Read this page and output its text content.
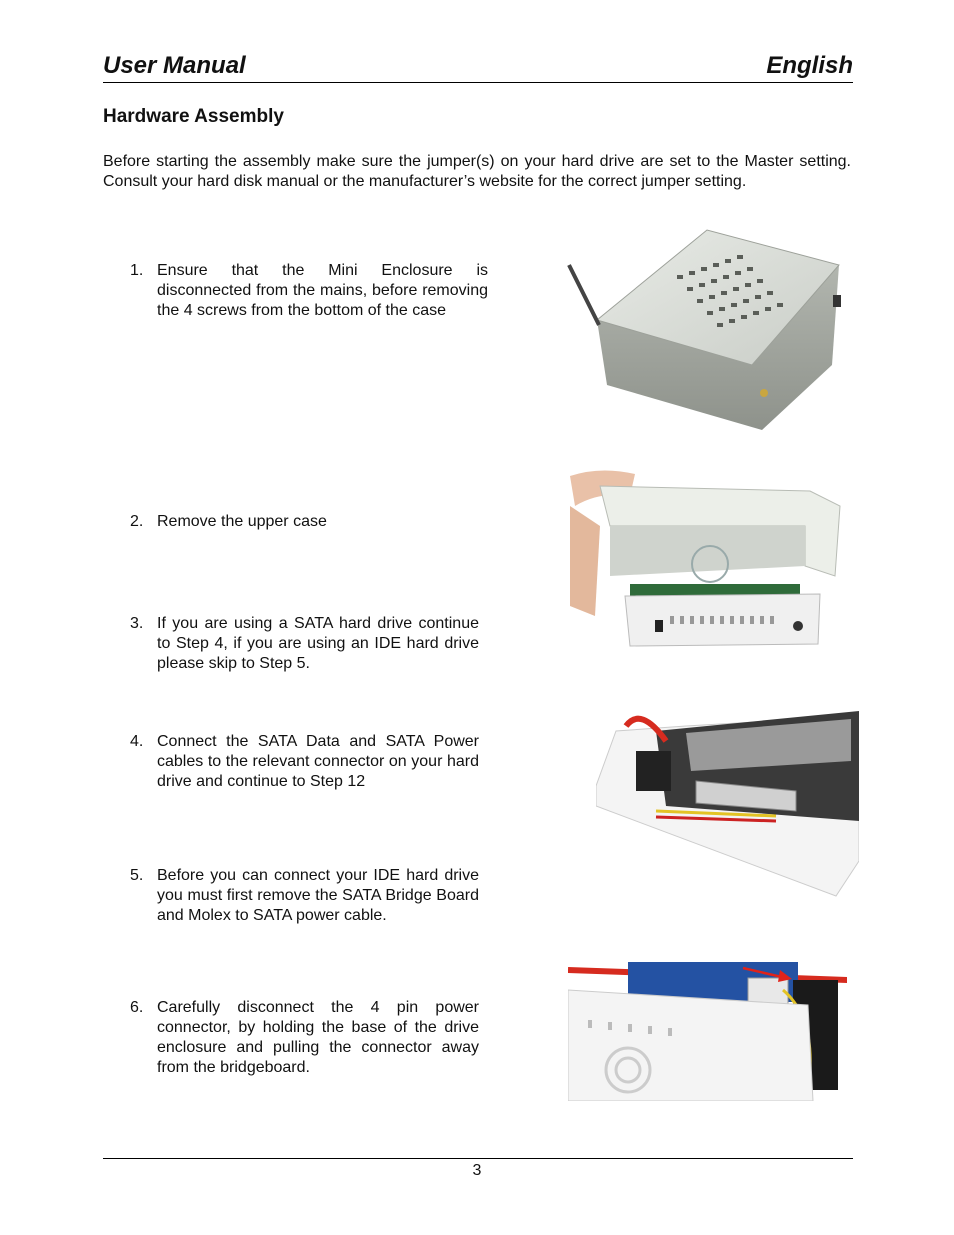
User Manual	English
Hardware Assembly
Before starting the assembly make sure the jumper(s) on your hard drive are set to the Master setting. Consult your hard disk manual or the manufacturer’s website for the correct jumper setting.
1. Ensure that the Mini Enclosure is disconnected from the mains, before removing the 4 screws from the bottom of the case
2. Remove the upper case
3. If you are using a SATA hard drive continue to Step 4, if you are using an IDE hard drive please skip to Step 5.
4. Connect the SATA Data and SATA Power cables to the relevant connector on your hard drive and continue to Step 12
5. Before you can connect your IDE hard drive you must first remove the SATA Bridge Board and Molex to SATA power cable.
6. Carefully disconnect the 4 pin power connector, by holding the base of the drive enclosure and pulling the connector away from the bridgeboard.
3
